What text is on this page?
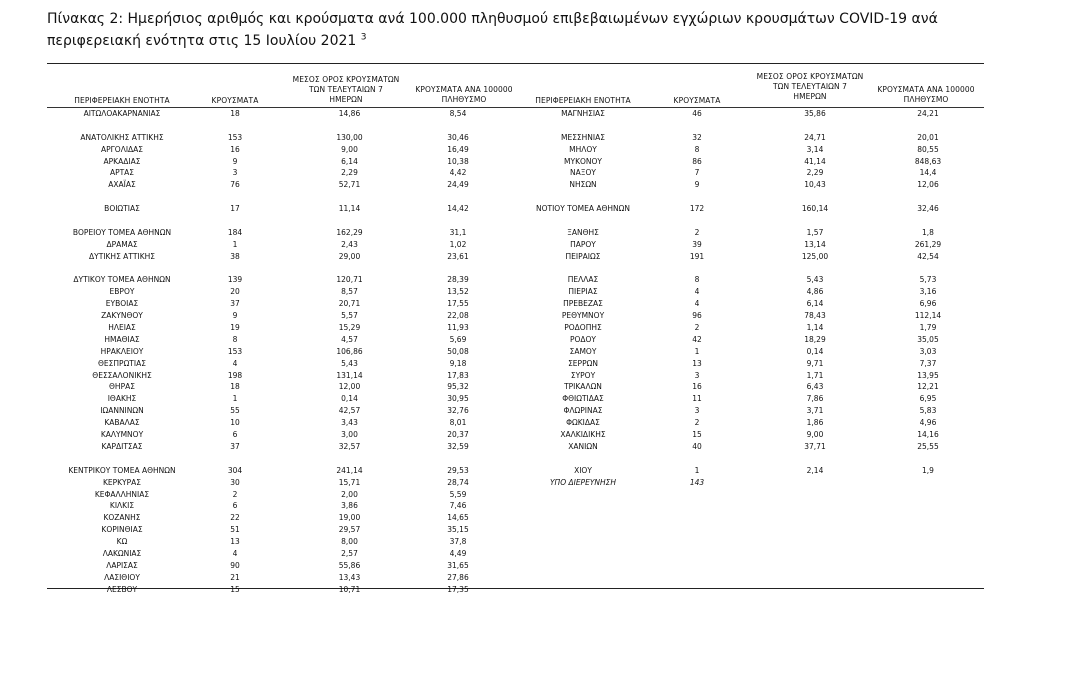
Πίνακας 2: Ημερήσιος αριθμός και κρούσματα ανά 100.000 πληθυσμού επιβεβαιωμένων εγχώριων κρουσμάτων COVID-19 ανά περιφερειακή ενότητα στις 15 Ιουλίου 2021 $^3$
ΠΕΡΙΦΕΡΕΙΑΚΗ ΕΝΟΤΗΤΑ	ΚΡΟΥΣΜΑΤΑ
ΜΕΣΟΣ ΟΡΟΣ ΚΡΟΥΣΜΑΤΩΝ
ΤΩΝ ΤΕΛΕΥΤΑΙΩΝ 7
ΗΜΕΡΩΝ
ΚΡΟΥΣΜΑΤΑ ΑΝΑ 100000
ΠΛΗΘΥΣΜΟ	ΠΕΡΙΦΕΡΕΙΑΚΗ ΕΝΟΤΗΤΑ	ΚΡΟΥΣΜΑΤΑ
ΜΕΣΟΣ ΟΡΟΣ ΚΡΟΥΣΜΑΤΩΝ
ΤΩΝ ΤΕΛΕΥΤΑΙΩΝ 7
ΗΜΕΡΩΝ
ΚΡΟΥΣΜΑΤΑ ΑΝΑ 100000
ΠΛΗΘΥΣΜΟ
ΑΙΤΩΛΟΑΚΑΡΝΑΝΙΑΣ	18	14,86	8,54
ΑΝΑΤΟΛΙΚΗΣ ΑΤΤΙΚΗΣ	153	130,00	30,46
ΑΡΓΟΛΙΔΑΣ	16	9,00	16,49
ΑΡΚΑΔΙΑΣ	9	6,14	10,38
ΑΡΤΑΣ	3	2,29	4,42
ΑΧΑΪΑΣ	76	52,71	24,49
ΒΟΙΩΤΙΑΣ	17	11,14	14,42
ΒΟΡΕΙΟΥ ΤΟΜΕΑ ΑΘΗΝΩΝ	184	162,29	31,1
ΔΡΑΜΑΣ	1	2,43	1,02
ΔΥΤΙΚΗΣ ΑΤΤΙΚΗΣ	38	29,00	23,61
ΔΥΤΙΚΟΥ ΤΟΜΕΑ ΑΘΗΝΩΝ	139	120,71	28,39
ΕΒΡΟΥ	20	8,57	13,52
ΕΥΒΟΙΑΣ	37	20,71	17,55
ΖΑΚΥΝΘΟΥ	9	5,57	22,08
ΗΛΕΙΑΣ	19	15,29	11,93
ΗΜΑΘΙΑΣ	8	4,57	5,69
ΗΡΑΚΛΕΙΟΥ	153	106,86	50,08
ΘΕΣΠΡΩΤΙΑΣ	4	5,43	9,18
ΘΕΣΣΑΛΟΝΙΚΗΣ	198	131,14	17,83
ΘΗΡΑΣ	18	12,00	95,32
ΙΘΑΚΗΣ	1	0,14	30,95
ΙΩΑΝΝΙΝΩΝ	55	42,57	32,76
ΚΑΒΑΛΑΣ	10	3,43	8,01
ΚΑΛΥΜΝΟΥ	6	3,00	20,37
ΚΑΡΔΙΤΣΑΣ	37	32,57	32,59
ΚΕΝΤΡΙΚΟΥ ΤΟΜΕΑ ΑΘΗΝΩΝ	304	241,14	29,53
ΚΕΡΚΥΡΑΣ	30	15,71	28,74
ΚΕΦΑΛΛΗΝΙΑΣ	2	2,00	5,59
ΚΙΛΚΙΣ	6	3,86	7,46
ΚΟΖΑΝΗΣ	22	19,00	14,65
ΚΟΡΙΝΘΙΑΣ	51	29,57	35,15
ΚΩ	13	8,00	37,8
ΛΑΚΩΝΙΑΣ	4	2,57	4,49
ΛΑΡΙΣΑΣ	90	55,86	31,65
ΛΑΣΙΘΙΟΥ	21	13,43	27,86
ΛΕΣΒΟΥ	15	10,71	17,35
ΜΑΓΝΗΣΙΑΣ	46	35,86	24,21
ΜΕΣΣΗΝΙΑΣ	32	24,71	20,01
ΜΗΛΟΥ	8	3,14	80,55
ΜΥΚΟΝΟΥ	86	41,14	848,63
ΝΑΞΟΥ	7	2,29	14,4
ΝΗΣΩΝ	9	10,43	12,06
ΝΟΤΙΟΥ ΤΟΜΕΑ ΑΘΗΝΩΝ	172	160,14	32,46
ΞΑΝΘΗΣ	2	1,57	1,8
ΠΑΡΟΥ	39	13,14	261,29
ΠΕΙΡΑΙΩΣ	191	125,00	42,54
ΠΕΛΛΑΣ	8	5,43	5,73
ΠΙΕΡΙΑΣ	4	4,86	3,16
ΠΡΕΒΕΖΑΣ	4	6,14	6,96
ΡΕΘΥΜΝΟΥ	96	78,43	112,14
ΡΟΔΟΠΗΣ	2	1,14	1,79
ΡΟΔΟΥ	42	18,29	35,05
ΣΑΜΟΥ	1	0,14	3,03
ΣΕΡΡΩΝ	13	9,71	7,37
ΣΥΡΟΥ	3	1,71	13,95
ΤΡΙΚΑΛΩΝ	16	6,43	12,21
ΦΘΙΩΤΙΔΑΣ	11	7,86	6,95
ΦΛΩΡΙΝΑΣ	3	3,71	5,83
ΦΩΚΙΔΑΣ	2	1,86	4,96
ΧΑΛΚΙΔΙΚΗΣ	15	9,00	14,16
ΧΑΝΙΩΝ	40	37,71	25,55
ΧΙΟΥ	1	2,14	1,9
ΥΠΟ ΔΙΕΡΕΥΝΗΣΗ	143
